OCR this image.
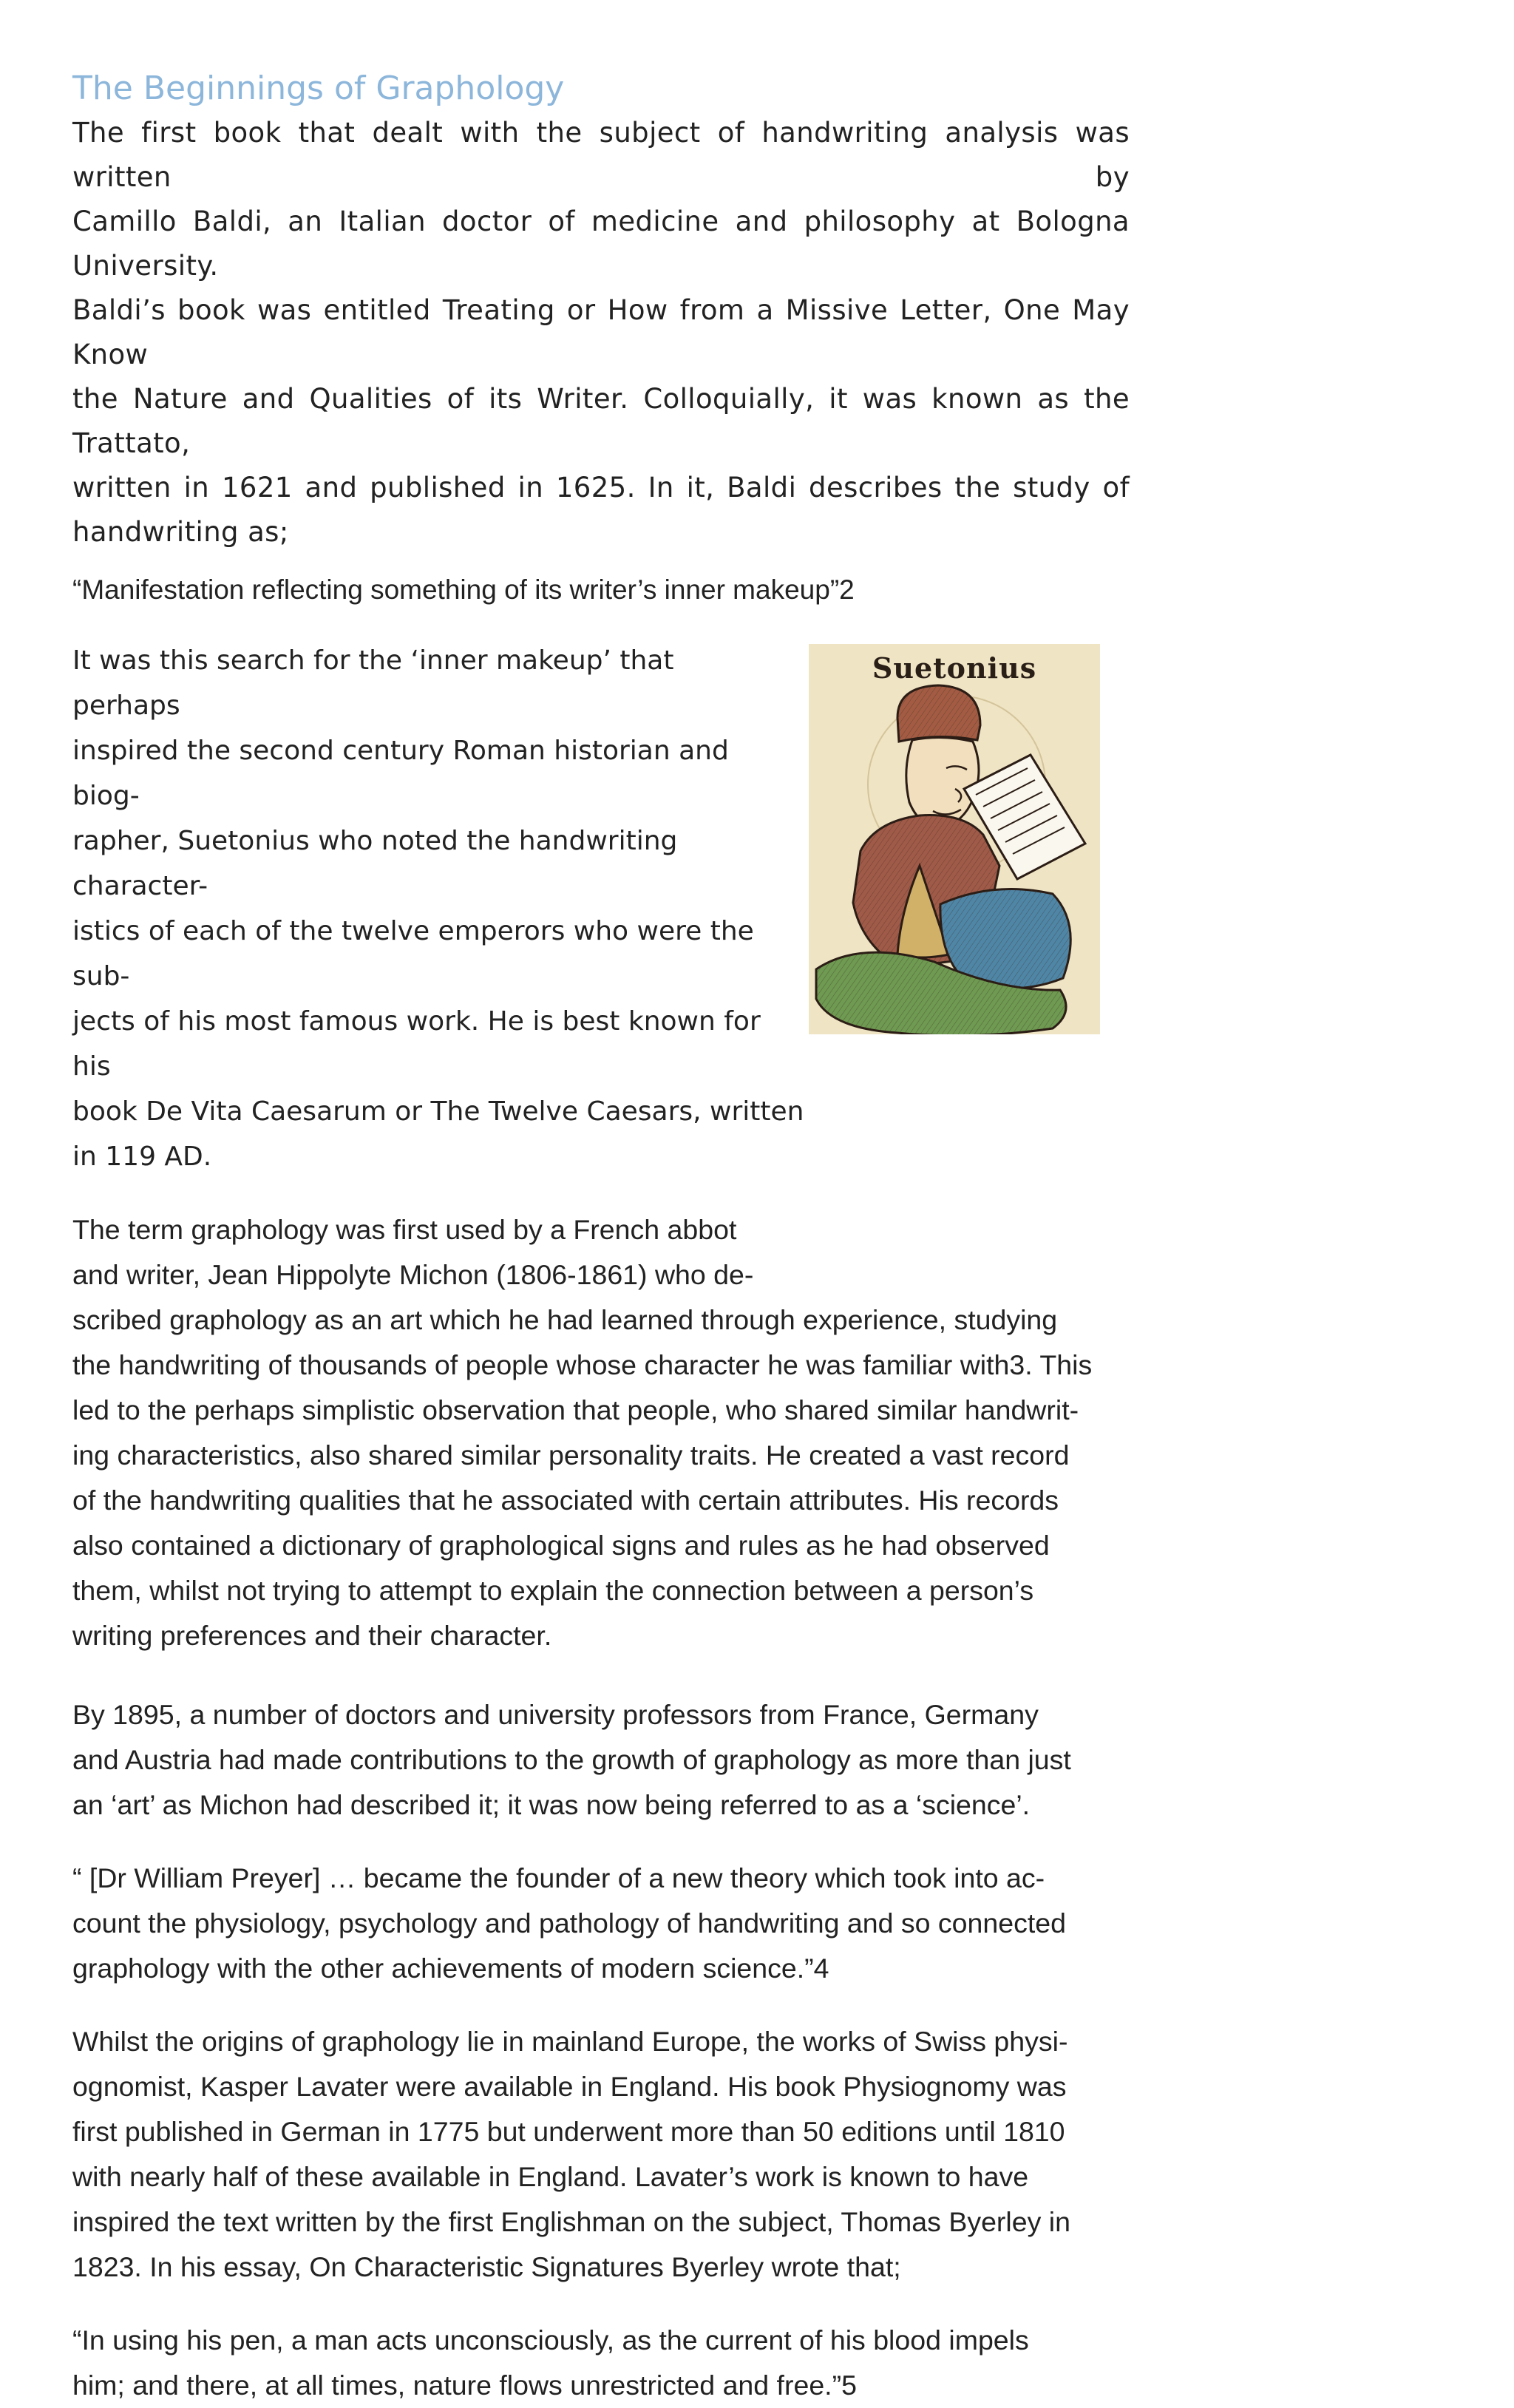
The Beginnings of Graphology

The first book that dealt with the subject of handwriting analysis was written by
Camillo Baldi, an Italian doctor of medicine and philosophy at Bologna University.
Baldi’s book was entitled Treating or How from a Missive Letter, One May Know
the Nature and Qualities of its Writer. Colloquially, it was known as the Trattato,
written in 1621 and published in 1625. In it, Baldi describes the study of
handwriting as;

“Manifestation reflecting something of its writer’s inner makeup”2

Suetonius

It was this search for the ‘inner makeup’ that perhaps
inspired the second century Roman historian and biog-
rapher, Suetonius who noted the handwriting character-
istics of each of the twelve emperors who were the sub-
jects of his most famous work. He is best known for his
book De Vita Caesarum or The Twelve Caesars, written
in 119 AD.

The term graphology was first used by a French abbot
and writer, Jean Hippolyte Michon (1806-1861) who de-
scribed graphology as an art which he had learned through experience, studying
the handwriting of thousands of people whose character he was familiar with3. This
led to the perhaps simplistic observation that people, who shared similar handwrit-
ing characteristics, also shared similar personality traits. He created a vast record
of the handwriting qualities that he associated with certain attributes. His records
also contained a dictionary of graphological signs and rules as he had observed
them, whilst not trying to attempt to explain the connection between a person’s
writing preferences and their character.

By 1895, a number of doctors and university professors from France, Germany
and Austria had made contributions to the growth of graphology as more than just
an ‘art’ as Michon had described it; it was now being referred to as a ‘science’.

“ [Dr William Preyer] … became the founder of a new theory which took into ac-
count the physiology, psychology and pathology of handwriting and so connected
graphology with the other achievements of modern science.”4

Whilst the origins of graphology lie in mainland Europe, the works of Swiss physi-
ognomist, Kasper Lavater were available in England. His book Physiognomy was
first published in German in 1775 but underwent more than 50 editions until 1810
with nearly half of these available in England. Lavater’s work is known to have
inspired the text written by the first Englishman on the subject, Thomas Byerley in
1823. In his essay, On Characteristic Signatures Byerley wrote that;

“In using his pen, a man acts unconsciously, as the current of his blood impels
him; and there, at all times, nature flows unrestricted and free.”5
